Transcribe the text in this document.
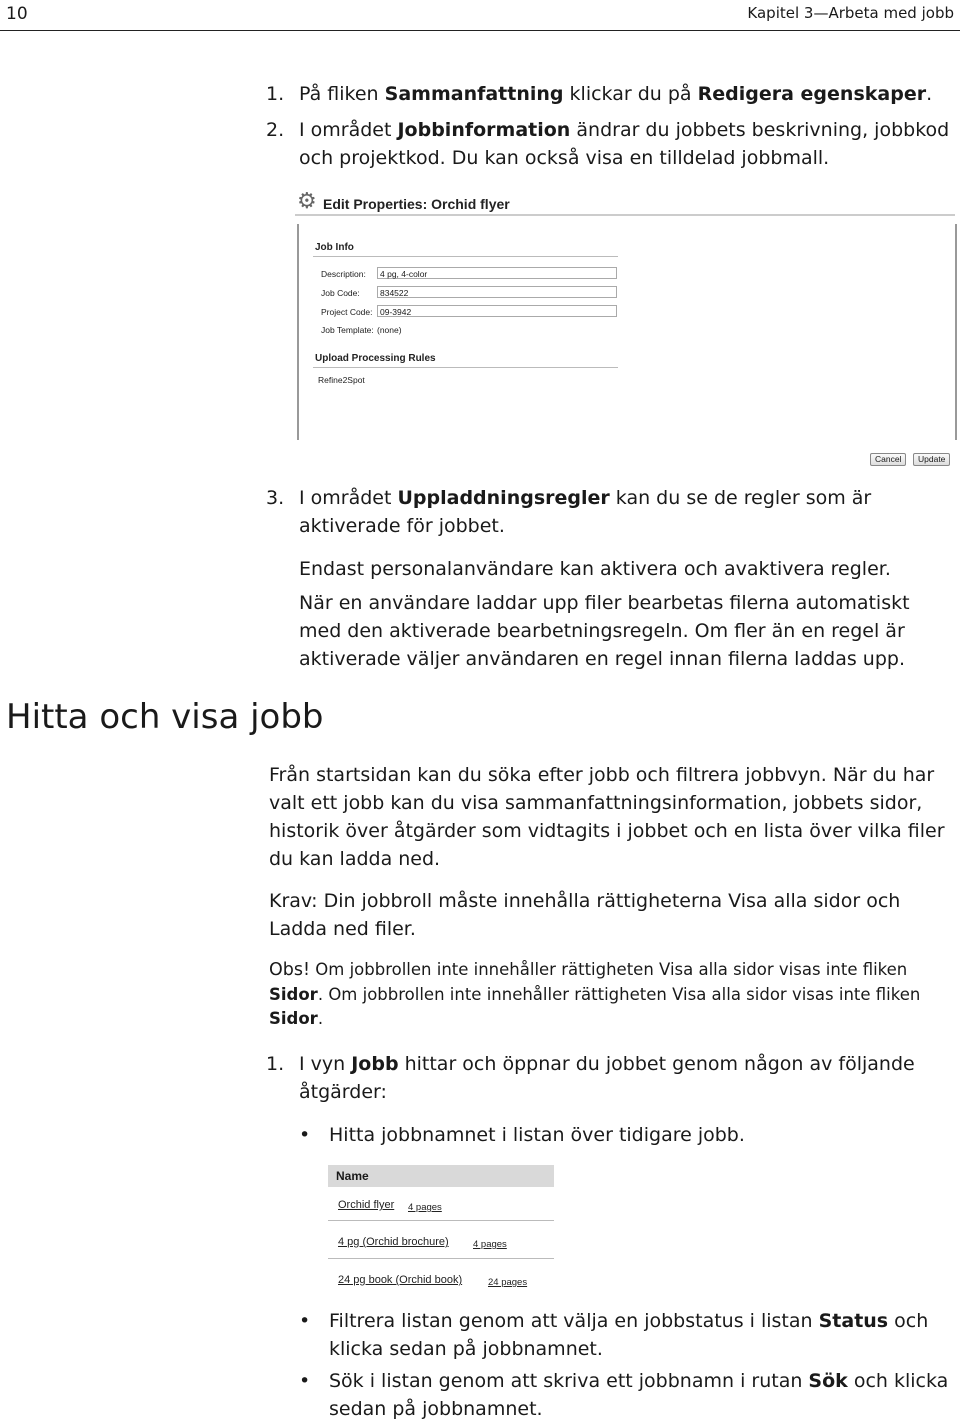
10	Kapitel 3—Arbeta med jobb
1. På fliken Sammanfattning klickar du på Redigera egenskaper.

2. I området Jobbinformation ändrar du jobbets beskrivning, jobbkod
och projektkod. Du kan också visa en tilldelad jobbmall.

⚙ Edit Properties: Orchid flyer
Job Info
Description:	4 pg, 4-color
Job Code:	834522
Project Code: 09-3942
Job Template: (none)
Upload Processing Rules
Refine2Spot
Cancel	Update
3. I området Uppladdningsregler kan du se de regler som är
aktiverade för jobbet.

Endast personalanvändare kan aktivera och avaktivera regler.

När en användare laddar upp filer bearbetas filerna automatiskt
med den aktiverade bearbetningsregeln. Om fler än en regel är
aktiverade väljer användaren en regel innan filerna laddas upp.

Hitta och visa jobb

Från startsidan kan du söka efter jobb och filtrera jobbvyn. När du har
valt ett jobb kan du visa sammanfattningsinformation, jobbets sidor,
historik över åtgärder som vidtagits i jobbet och en lista över vilka filer
du kan ladda ned.

Krav: Din jobbroll måste innehålla rättigheterna Visa alla sidor och
Ladda ned filer.

Obs! Om jobbrollen inte innehåller rättigheten Visa alla sidor visas inte fliken
Sidor. Om jobbrollen inte innehåller rättigheten Visa alla sidor visas inte fliken
Sidor.

1. I vyn Jobb hittar och öppnar du jobbet genom någon av följande
åtgärder:

• Hitta jobbnamnet i listan över tidigare jobb.

Name
Orchid flyer 4 pages
4 pg (Orchid brochure)	4 pages
24 pg book (Orchid book)	24 pages
• Filtrera listan genom att välja en jobbstatus i listan Status och
klicka sedan på jobbnamnet.

• Sök i listan genom att skriva ett jobbnamn i rutan Sök och klicka
sedan på jobbnamnet.
